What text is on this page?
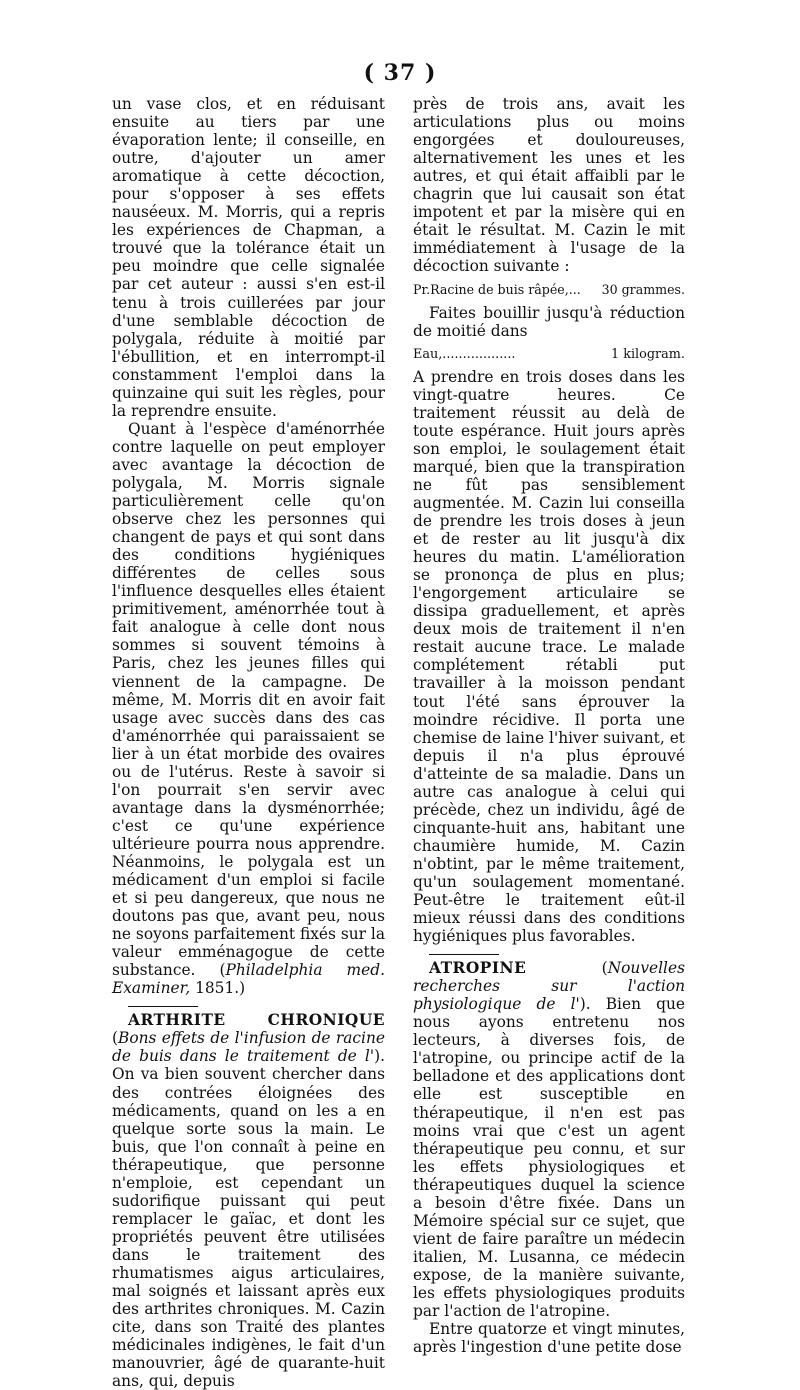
( 37 )

un vase clos, et en réduisant ensuite au tiers par une évaporation lente; il conseille, en outre, d'ajouter un amer aromatique à cette décoction, pour s'opposer à ses effets nauséeux. M. Morris, qui a repris les expériences de Chapman, a trouvé que la tolérance était un peu moindre que celle signalée par cet auteur : aussi s'en est-il tenu à trois cuillerées par jour d'une semblable décoction de polygala, réduite à moitié par l'ébullition, et en interrompt-il constamment l'emploi dans la quinzaine qui suit les règles, pour la reprendre ensuite.

Quant à l'espèce d'aménorrhée contre laquelle on peut employer avec avantage la décoction de polygala, M. Morris signale particulièrement celle qu'on observe chez les personnes qui changent de pays et qui sont dans des conditions hygiéniques différentes de celles sous l'influence desquelles elles étaient primitivement, aménorrhée tout à fait analogue à celle dont nous sommes si souvent témoins à Paris, chez les jeunes filles qui viennent de la campagne. De même, M. Morris dit en avoir fait usage avec succès dans des cas d'aménorrhée qui paraissaient se lier à un état morbide des ovaires ou de l'utérus. Reste à savoir si l'on pourrait s'en servir avec avantage dans la dysménorrhée; c'est ce qu'une expérience ultérieure pourra nous apprendre. Néanmoins, le polygala est un médicament d'un emploi si facile et si peu dangereux, que nous ne doutons pas que, avant peu, nous ne soyons parfaitement fixés sur la valeur emménagogue de cette substance. (Philadelphia med. Examiner, 1851.)

ARTHRITE CHRONIQUE (Bons effets de l'infusion de racine de buis dans le traitement de l'). On va bien souvent chercher dans des contrées éloignées des médicaments, quand on les a en quelque sorte sous la main. Le buis, que l'on connaît à peine en thérapeutique, que personne n'emploie, est cependant un sudorifique puissant qui peut remplacer le gaïac, et dont les propriétés peuvent être utilisées dans le traitement des rhumatismes aigus articulaires, mal soignés et laissant après eux des arthrites chroniques. M. Cazin cite, dans son Traité des plantes médicinales indigènes, le fait d'un manouvrier, âgé de quarante-huit ans, qui, depuis

près de trois ans, avait les articulations plus ou moins engorgées et douloureuses, alternativement les unes et les autres, et qui était affaibli par le chagrin que lui causait son état impotent et par la misère qui en était le résultat. M. Cazin le mit immédiatement à l'usage de la décoction suivante :

Pr.Racine de buis râpée,... 30 grammes.

Faites bouillir jusqu'à réduction de moitié dans

Eau,..................	1 kilogram.

A prendre en trois doses dans les vingt-quatre heures. Ce traitement réussit au delà de toute espérance. Huit jours après son emploi, le soulagement était marqué, bien que la transpiration ne fût pas sensiblement augmentée. M. Cazin lui conseilla de prendre les trois doses à jeun et de rester au lit jusqu'à dix heures du matin. L'amélioration se prononça de plus en plus; l'engorgement articulaire se dissipa graduellement, et après deux mois de traitement il n'en restait aucune trace. Le malade complétement rétabli put travailler à la moisson pendant tout l'été sans éprouver la moindre récidive. Il porta une chemise de laine l'hiver suivant, et depuis il n'a plus éprouvé d'atteinte de sa maladie. Dans un autre cas analogue à celui qui précède, chez un individu, âgé de cinquante-huit ans, habitant une chaumière humide, M. Cazin n'obtint, par le même traitement, qu'un soulagement momentané. Peut-être le traitement eût-il mieux réussi dans des conditions hygiéniques plus favorables.

ATROPINE (Nouvelles recherches sur l'action physiologique de l'). Bien que nous ayons entretenu nos lecteurs, à diverses fois, de l'atropine, ou principe actif de la belladone et des applications dont elle est susceptible en thérapeutique, il n'en est pas moins vrai que c'est un agent thérapeutique peu connu, et sur les effets physiologiques et thérapeutiques duquel la science a besoin d'être fixée. Dans un Mémoire spécial sur ce sujet, que vient de faire paraître un médecin italien, M. Lusanna, ce médecin expose, de la manière suivante, les effets physiologiques produits par l'action de l'atropine.

Entre quatorze et vingt minutes, après l'ingestion d'une petite dose
